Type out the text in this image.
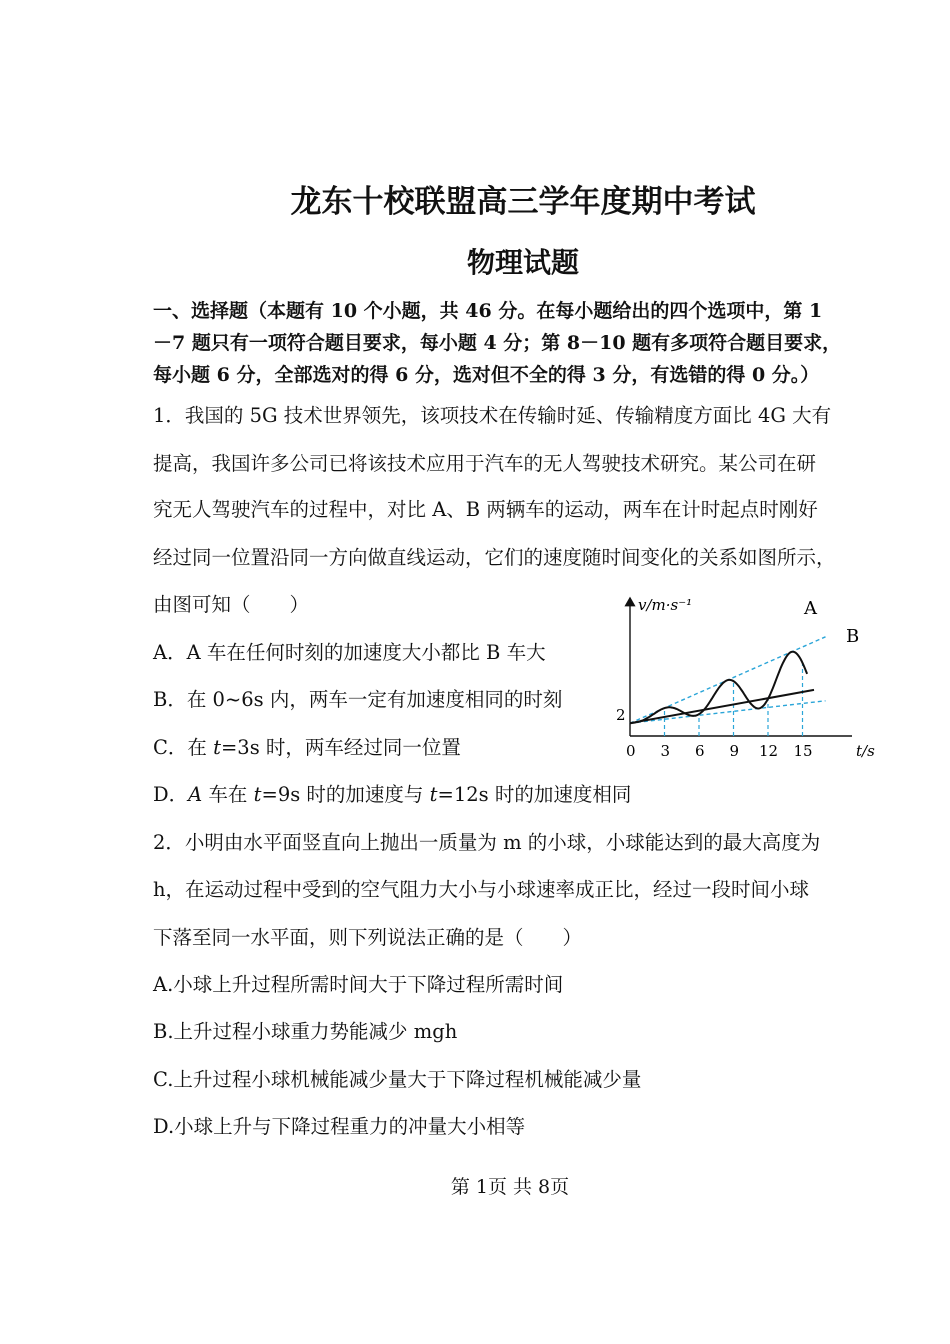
龙东十校联盟高三学年度期中考试
物理试题
一、选择题（本题有 10 个小题，共 46 分。在每小题给出的四个选项中，第 1
－7 题只有一项符合题目要求，每小题 4 分；第 8－10 题有多项符合题目要求，
每小题 6 分，全部选对的得 6 分，选对但不全的得 3 分，有选错的得 0 分。）
1．我国的 5G 技术世界领先，该项技术在传输时延、传输精度方面比 4G 大有
提高，我国许多公司已将该技术应用于汽车的无人驾驶技术研究。某公司在研
究无人驾驶汽车的过程中，对比 A、B 两辆车的运动，两车在计时起点时刚好
经过同一位置沿同一方向做直线运动，它们的速度随时间变化的关系如图所示，
由图可知（　　）
A．A 车在任何时刻的加速度大小都比 B 车大
B．在 0~6s 内，两车一定有加速度相同的时刻
C．在 t=3s 时，两车经过同一位置
D．A 车在 t=9s 时的加速度与 t=12s 时的加速度相同
v/m·s⁻¹
t/s
2
0 3 6 9 12 15
A
B
2．小明由水平面竖直向上抛出一质量为 m 的小球，小球能达到的最大高度为
h，在运动过程中受到的空气阻力大小与小球速率成正比，经过一段时间小球
下落至同一水平面，则下列说法正确的是（　　）
A.小球上升过程所需时间大于下降过程所需时间
B.上升过程小球重力势能减少 mgh
C.上升过程小球机械能减少量大于下降过程机械能减少量
D.小球上升与下降过程重力的冲量大小相等
第 1页 共 8页
